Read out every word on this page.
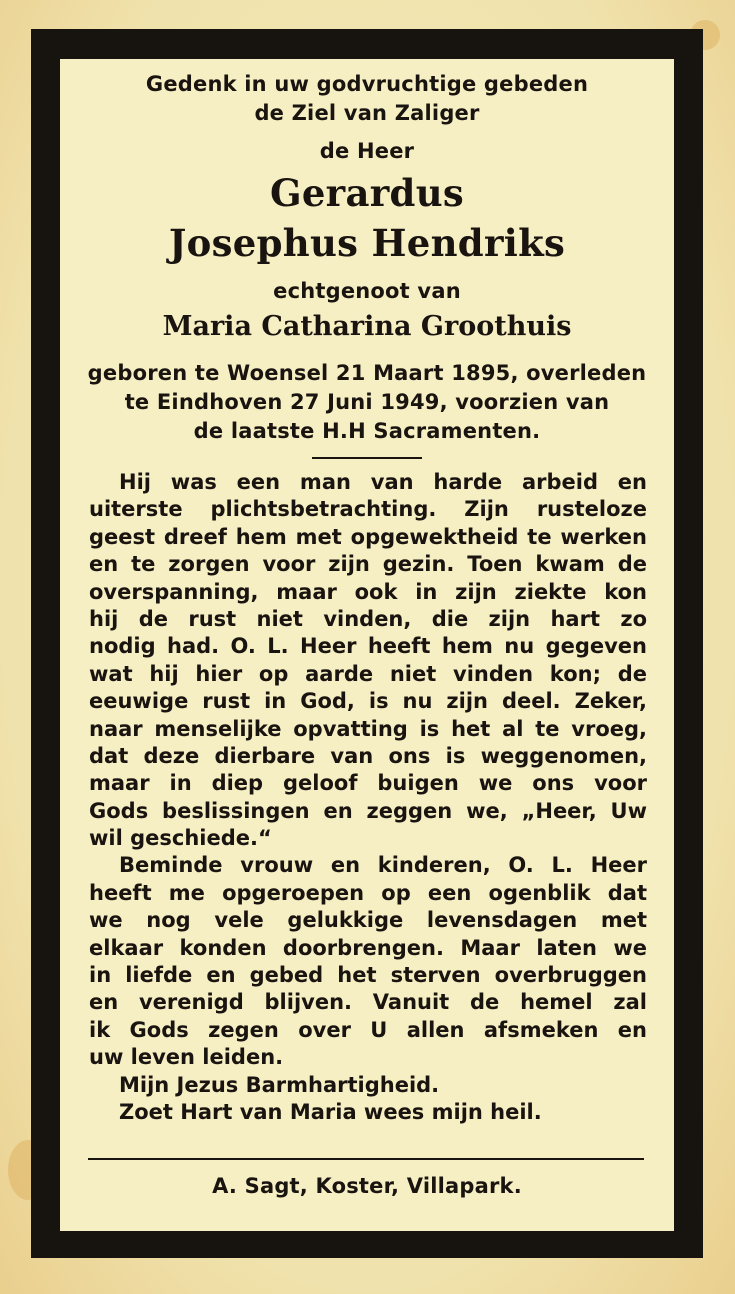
Gedenk in uw godvruchtige gebeden
de Ziel van Zaliger
de Heer
Gerardus
Josephus Hendriks
echtgenoot van
Maria Catharina Groothuis
geboren te Woensel 21 Maart 1895, overleden
te Eindhoven 27 Juni 1949, voorzien van
de laatste H.H Sacramenten.
Hij was een man van harde arbeid en
uiterste plichtsbetrachting. Zijn rusteloze
geest dreef hem met opgewektheid te werken
en te zorgen voor zijn gezin. Toen kwam de
overspanning, maar ook in zijn ziekte kon
hij de rust niet vinden, die zijn hart zo
nodig had. O. L. Heer heeft hem nu gegeven
wat hij hier op aarde niet vinden kon; de
eeuwige rust in God, is nu zijn deel. Zeker,
naar menselijke opvatting is het al te vroeg,
dat deze dierbare van ons is weggenomen,
maar in diep geloof buigen we ons voor
Gods beslissingen en zeggen we, „Heer, Uw
wil geschiede.“
Beminde vrouw en kinderen, O. L. Heer
heeft me opgeroepen op een ogenblik dat
we nog vele gelukkige levensdagen met
elkaar konden doorbrengen. Maar laten we
in liefde en gebed het sterven overbruggen
en verenigd blijven. Vanuit de hemel zal
ik Gods zegen over U allen afsmeken en
uw leven leiden.
Mijn Jezus Barmhartigheid.
Zoet Hart van Maria wees mijn heil.
A. Sagt, Koster, Villapark.
